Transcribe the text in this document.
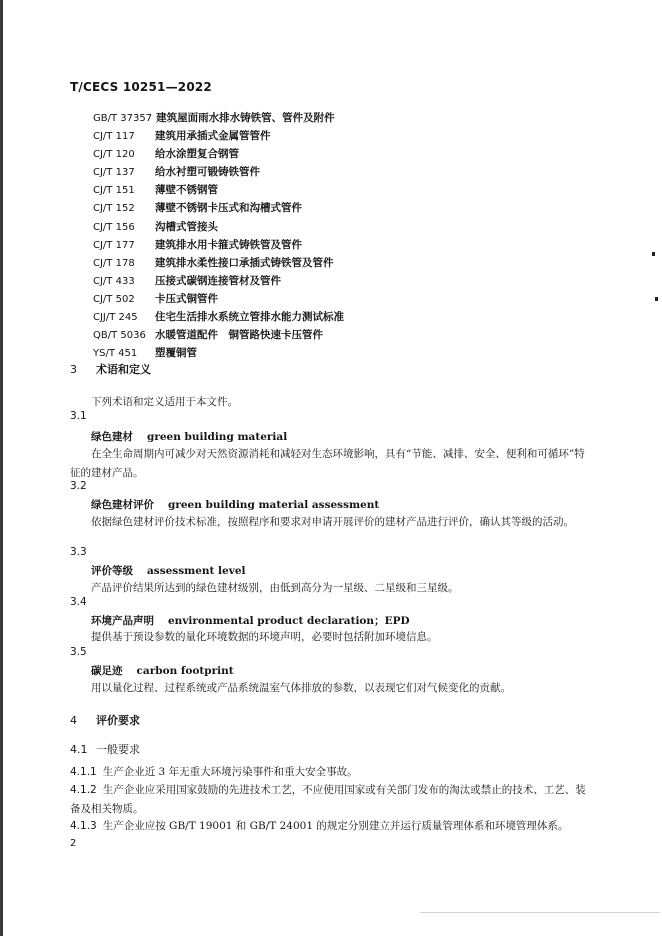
T/CECS 10251—2022
GB/T 37357 建筑屋面雨水排水铸铁管、管件及附件
CJ/T 117 建筑用承插式金属管管件
CJ/T 120 给水涂塑复合钢管
CJ/T 137 给水衬塑可锻铸铁管件
CJ/T 151 薄壁不锈钢管
CJ/T 152 薄壁不锈钢卡压式和沟槽式管件
CJ/T 156 沟槽式管接头
CJ/T 177 建筑排水用卡箍式铸铁管及管件
CJ/T 178 建筑排水柔性接口承插式铸铁管及管件
CJ/T 433 压接式碳钢连接管材及管件
CJ/T 502 卡压式铜管件
CJJ/T 245 住宅生活排水系统立管排水能力测试标准
QB/T 5036 水暖管道配件　铜管路快速卡压管件
YS/T 451 塑覆铜管
3 术语和定义
下列术语和定义适用于本文件。
3.1
绿色建材 green building material
在全生命周期内可减少对天然资源消耗和减轻对生态环境影响，具有“节能、减排、安全、便利和可循环”特征的建材产品。
3.2
绿色建材评价 green building material assessment
依据绿色建材评价技术标准，按照程序和要求对申请开展评价的建材产品进行评价，确认其等级的活动。
3.3
评价等级 assessment level
产品评价结果所达到的绿色建材级别，由低到高分为一星级、二星级和三星级。
3.4
环境产品声明 environmental product declaration；EPD
提供基于预设参数的量化环境数据的环境声明，必要时包括附加环境信息。
3.5
碳足迹 carbon footprint
用以量化过程、过程系统或产品系统温室气体排放的参数，以表现它们对气候变化的贡献。
4 评价要求
4.1 一般要求
4.1.1 生产企业近 3 年无重大环境污染事件和重大安全事故。
4.1.2 生产企业应采用国家鼓励的先进技术工艺，不应使用国家或有关部门发布的淘汰或禁止的技术、工艺、装备及相关物质。
4.1.3 生产企业应按 GB/T 19001 和 GB/T 24001 的规定分别建立并运行质量管理体系和环境管理体系。
2
